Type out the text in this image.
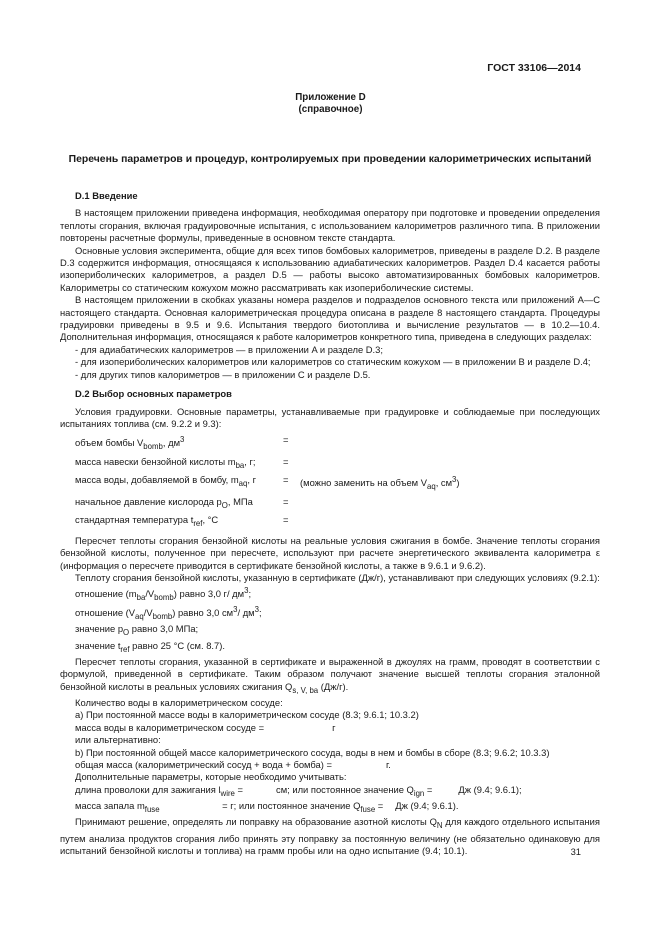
ГОСТ 33106—2014
Приложение D
(справочное)
Перечень параметров и процедур, контролируемых при проведении калориметрических испытаний

D.1 Введение

В настоящем приложении приведена информация, необходимая оператору при подготовке и проведении определения теплоты сгорания, включая градуировочные испытания, с использованием калориметров различного типа. В приложении повторены расчетные формулы, приведенные в основном тексте стандарта.

Основные условия эксперимента, общие для всех типов бомбовых калориметров, приведены в разделе D.2. В разделе D.3 содержится информация, относящаяся к использованию адиабатических калориметров. Раздел D.4 касается работы изопериболических калориметров, а раздел D.5 — работы высоко автоматизированных бомбовых калориметров. Калориметры со статическим кожухом можно рассматривать как изопериболические системы.

В настоящем приложении в скобках указаны номера разделов и подразделов основного текста или приложений A—C настоящего стандарта. Основная калориметрическая процедура описана в разделе 8 настоящего стандарта. Процедуры градуировки приведены в 9.5 и 9.6. Испытания твердого биотоплива и вычисление результатов — в 10.2—10.4. Дополнительная информация, относящаяся к работе калориметров конкретного типа, приведена в следующих разделах:

- для адиабатических калориметров — в приложении A и разделе D.3;

- для изопериболических калориметров или калориметров со статическим кожухом — в приложении B и разделе D.4;

- для других типов калориметров — в приложении C и разделе D.5.

D.2 Выбор основных параметров

Условия градуировки. Основные параметры, устанавливаемые при градуировке и соблюдаемые при последующих испытаниях топлива (см. 9.2.2 и 9.3):

объем бомбы $V_{bomb}$, $дм^3$	=	
масса навески бензойной кислоты $m_{ba}$, г;	=	
масса воды, добавляемой в бомбу, $m_{aq}$, г	=	(можно заменить на объем $V_{aq}$, $см^3$)
начальное давление кислорода $p_O$, МПа	=	
стандартная температура $t_{ref}$, °C	=	

Пересчет теплоты сгорания бензойной кислоты на реальные условия сжигания в бомбе. Значение теплоты сгорания бензойной кислоты, полученное при пересчете, используют при расчете энергетического эквивалента калориметра ε (информация о пересчете приводится в сертификате бензойной кислоты, а также в 9.6.1 и 9.6.2).

Теплоту сгорания бензойной кислоты, указанную в сертификате (Дж/г), устанавливают при следующих условиях (9.2.1):

отношение $(m_{ba}/V_{bomb})$ равно 3,0 г/ $дм^3$;

отношение $(V_{aq}/V_{bomb})$ равно 3,0 $см^3/$ $дм^3$;

значение $p_O$ равно 3,0 МПа;

значение $t_{ref}$ равно 25 °C (см. 8.7).

Пересчет теплоты сгорания, указанной в сертификате и выраженной в джоулях на грамм, проводят в соответствии с формулой, приведенной в сертификате. Таким образом получают значение высшей теплоты сгорания эталонной бензойной кислоты в реальных условиях сжигания $Q_{s, V, ba}$ (Дж/г).

Количество воды в калориметрическом сосуде:

а) При постоянной массе воды в калориметрическом сосуде (8.3; 9.6.1; 10.3.2)

масса воды в калориметрическом сосуде =	г

или альтернативно:

b) При постоянной общей массе калориметрического сосуда, воды в нем и бомбы в сборе (8.3; 9.6.2; 10.3.3)

общая масса (калориметрический сосуд + вода + бомба) =	г.

Дополнительные параметры, которые необходимо учитывать:

длина проволоки для зажигания $l_{wire}$ =	см; или постоянное значение $Q_{ign}$ =	Дж (9.4; 9.6.1);

масса запала $m_{fuse}$	= г; или постоянное значение $Q_{fuse}$ = Дж (9.4; 9.6.1).

Принимают решение, определять ли поправку на образование азотной кислоты $Q_N$ для каждого отдельного испытания путем анализа продуктов сгорания либо принять эту поправку за постоянную величину (не обязательно одинаковую для испытаний бензойной кислоты и топлива) на грамм пробы или на одно испытание (9.4; 10.1).	31
